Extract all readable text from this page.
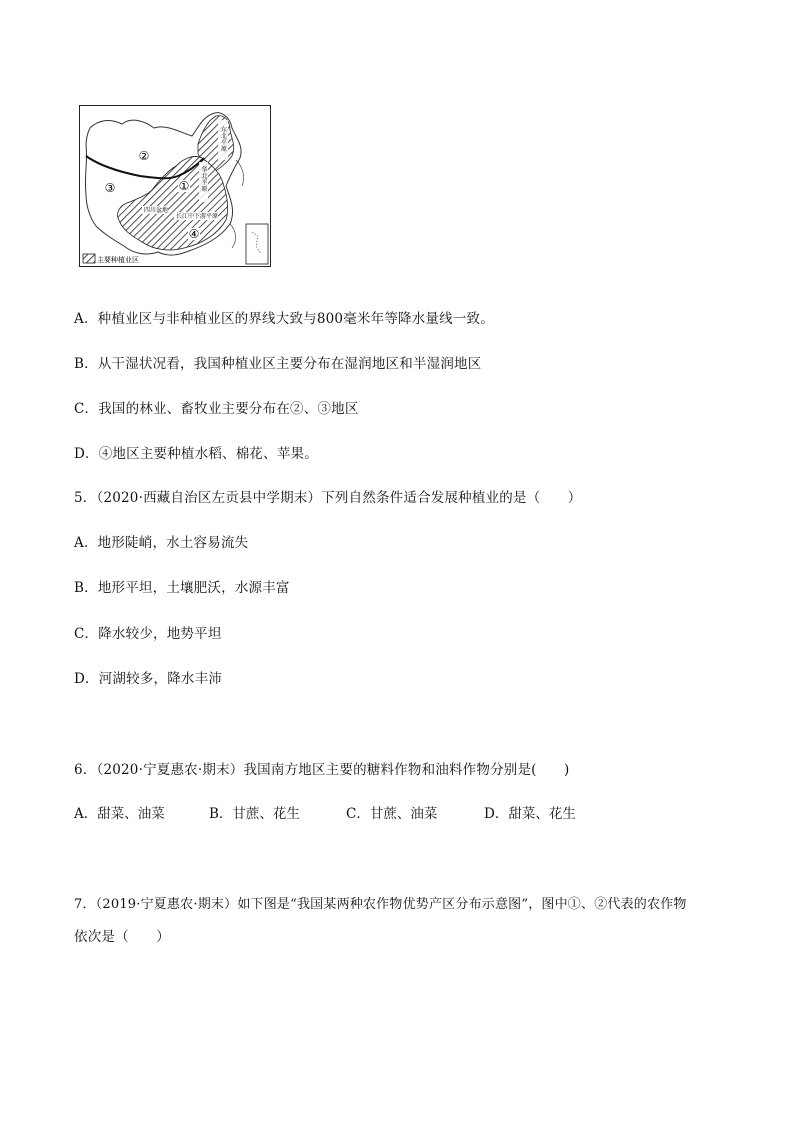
②
③	①
④
东北平原
华北平原
四川盆地
长江中下游平原
主要种植业区
A．种植业区与非种植业区的界线大致与800毫米年等降水量线一致。
B．从干湿状况看，我国种植业区主要分布在湿润地区和半湿润地区
C．我国的林业、畜牧业主要分布在②、③地区
D．④地区主要种植水稻、棉花、苹果。
5．（2020·西藏自治区左贡县中学期末）下列自然条件适合发展种植业的是（　　）
A．地形陡峭，水土容易流失
B．地形平坦，土壤肥沃，水源丰富
C．降水较少，地势平坦
D．河湖较多，降水丰沛
6．（2020·宁夏惠农·期末）我国南方地区主要的糖料作物和油料作物分别是(　　)
A．甜菜、油菜	B．甘蔗、花生	C．甘蔗、油菜	D．甜菜、花生
7．（2019·宁夏惠农·期末）如下图是“我国某两种农作物优势产区分布示意图”，图中①、②代表的农作物
依次是（　　）
